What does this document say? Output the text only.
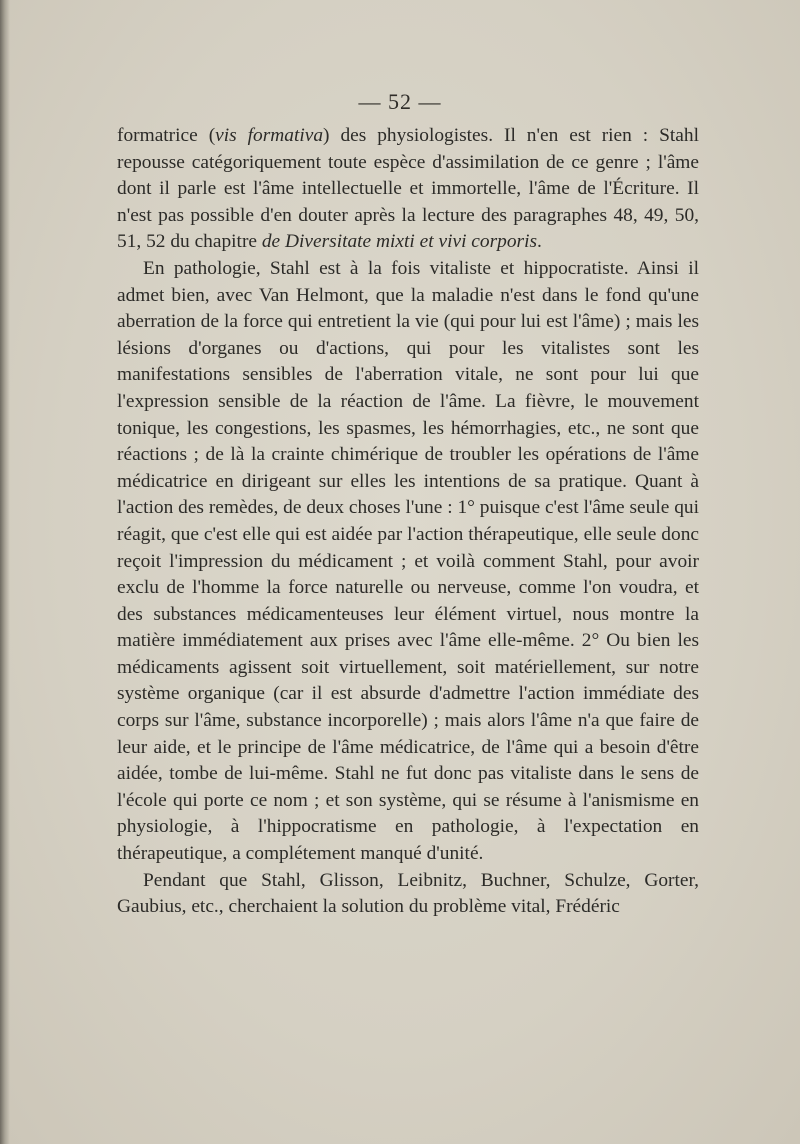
— 52 —

formatrice (vis formativa) des physiologistes. Il n'en est rien : Stahl repousse catégoriquement toute espèce d'assimilation de ce genre ; l'âme dont il parle est l'âme intellectuelle et immortelle, l'âme de l'Écriture. Il n'est pas possible d'en douter après la lecture des paragraphes 48, 49, 50, 51, 52 du chapitre de Diversitate mixti et vivi corporis.

En pathologie, Stahl est à la fois vitaliste et hippocratiste. Ainsi il admet bien, avec Van Helmont, que la maladie n'est dans le fond qu'une aberration de la force qui entretient la vie (qui pour lui est l'âme) ; mais les lésions d'organes ou d'actions, qui pour les vitalistes sont les manifestations sensibles de l'aberration vitale, ne sont pour lui que l'expression sensible de la réaction de l'âme. La fièvre, le mouvement tonique, les congestions, les spasmes, les hémorrhagies, etc., ne sont que réactions ; de là la crainte chimérique de troubler les opérations de l'âme médicatrice en dirigeant sur elles les intentions de sa pratique. Quant à l'action des remèdes, de deux choses l'une : 1° puisque c'est l'âme seule qui réagit, que c'est elle qui est aidée par l'action thérapeutique, elle seule donc reçoit l'impression du médicament ; et voilà comment Stahl, pour avoir exclu de l'homme la force naturelle ou nerveuse, comme l'on voudra, et des substances médicamenteuses leur élément virtuel, nous montre la matière immédiatement aux prises avec l'âme elle-même. 2° Ou bien les médicaments agissent soit virtuellement, soit matériellement, sur notre système organique (car il est absurde d'admettre l'action immédiate des corps sur l'âme, substance incorporelle) ; mais alors l'âme n'a que faire de leur aide, et le principe de l'âme médicatrice, de l'âme qui a besoin d'être aidée, tombe de lui-même. Stahl ne fut donc pas vitaliste dans le sens de l'école qui porte ce nom ; et son système, qui se résume à l'anismisme en physiologie, à l'hippocratisme en pathologie, à l'expectation en thérapeutique, a complétement manqué d'unité.

Pendant que Stahl, Glisson, Leibnitz, Buchner, Schulze, Gorter, Gaubius, etc., cherchaient la solution du problème vital, Frédéric
